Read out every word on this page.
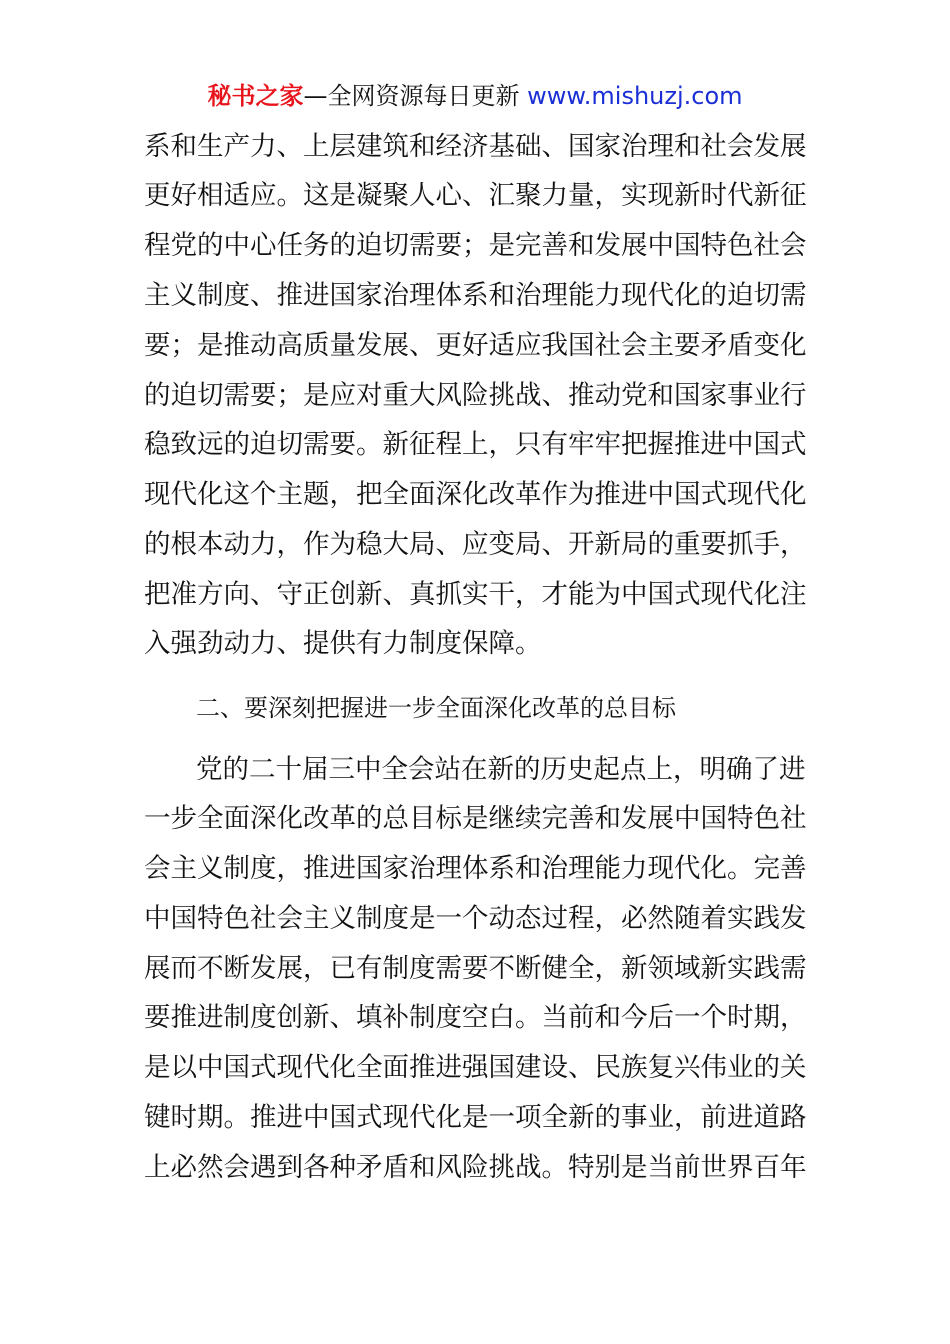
秘书之家—全网资源每日更新 www.mishuzj.com
系和生产力、上层建筑和经济基础、国家治理和社会发展
更好相适应。这是凝聚人心、汇聚力量，实现新时代新征
程党的中心任务的迫切需要；是完善和发展中国特色社会
主义制度、推进国家治理体系和治理能力现代化的迫切需
要；是推动高质量发展、更好适应我国社会主要矛盾变化
的迫切需要；是应对重大风险挑战、推动党和国家事业行
稳致远的迫切需要。新征程上，只有牢牢把握推进中国式
现代化这个主题，把全面深化改革作为推进中国式现代化
的根本动力，作为稳大局、应变局、开新局的重要抓手，
把准方向、守正创新、真抓实干，才能为中国式现代化注
入强劲动力、提供有力制度保障。
二、要深刻把握进一步全面深化改革的总目标
党的二十届三中全会站在新的历史起点上，明确了进
一步全面深化改革的总目标是继续完善和发展中国特色社
会主义制度，推进国家治理体系和治理能力现代化。完善
中国特色社会主义制度是一个动态过程，必然随着实践发
展而不断发展，已有制度需要不断健全，新领域新实践需
要推进制度创新、填补制度空白。当前和今后一个时期，
是以中国式现代化全面推进强国建设、民族复兴伟业的关
键时期。推进中国式现代化是一项全新的事业，前进道路
上必然会遇到各种矛盾和风险挑战。特别是当前世界百年
